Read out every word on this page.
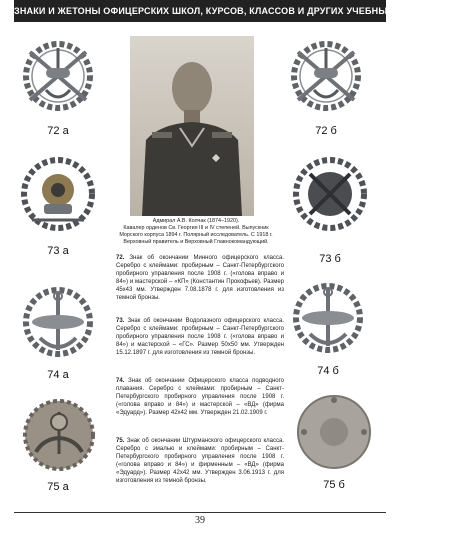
ЗНАКИ И ЖЕТОНЫ ОФИЦЕРСКИХ ШКОЛ, КУРСОВ, КЛАССОВ И ДРУГИХ УЧЕБНЫХ ЗАВЕДЕНИЙ
72 а	72 б
Адмирал А.В. Колчак (1874–1920).
Кавалер орденов Св. Георгия III и IV степеней. Выпускник
Морского корпуса 1894 г. Полярный исследователь. С 1918 г.
Верховный правитель и Верховный Главнокомандующий.
73 а
73 б
74 а	74 б
75 а	75 б
72. Знак об окончании Минного офицерского класса. Серебро с клеймами: пробирным – Санкт-Петербургского пробирного управления после 1908 г. («голова вправо и 84») и мастерской – «КП» (Константин Прокофьев). Размер 45х43 мм. Утвержден 7.08.1878 г. для изготовления из темной бронзы.
73. Знак об окончании Водолазного офицерского класса. Серебро с клеймами: пробирным – Санкт-Петербургского пробирного управления после 1908 г. («голова вправо и 84») и мастерской – «ГС». Размер 50х50 мм. Утвержден 15.12.1897 г. для изготовления из темной бронзы.
74. Знак об окончании Офицерского класса подводного плавания. Серебро с клеймами: пробирным – Санкт-Петербургского пробирного управления после 1908 г. («голова вправо и 84») и мастерской – «ВД» (фирма «Эдуард»). Размер 42х42 мм. Утвержден 21.02.1909 г.
75. Знак об окончании Штурманского офицерского класса. Серебро с эмалью и клеймами: пробирным – Санкт-Петербургского пробирного управления после 1908 г. («голова вправо и 84») и фирменным – «ВД» (фирма «Эдуард»). Размер 42х42 мм. Утвержден 3.06.1913 г. для изготовления из темной бронзы.
39
